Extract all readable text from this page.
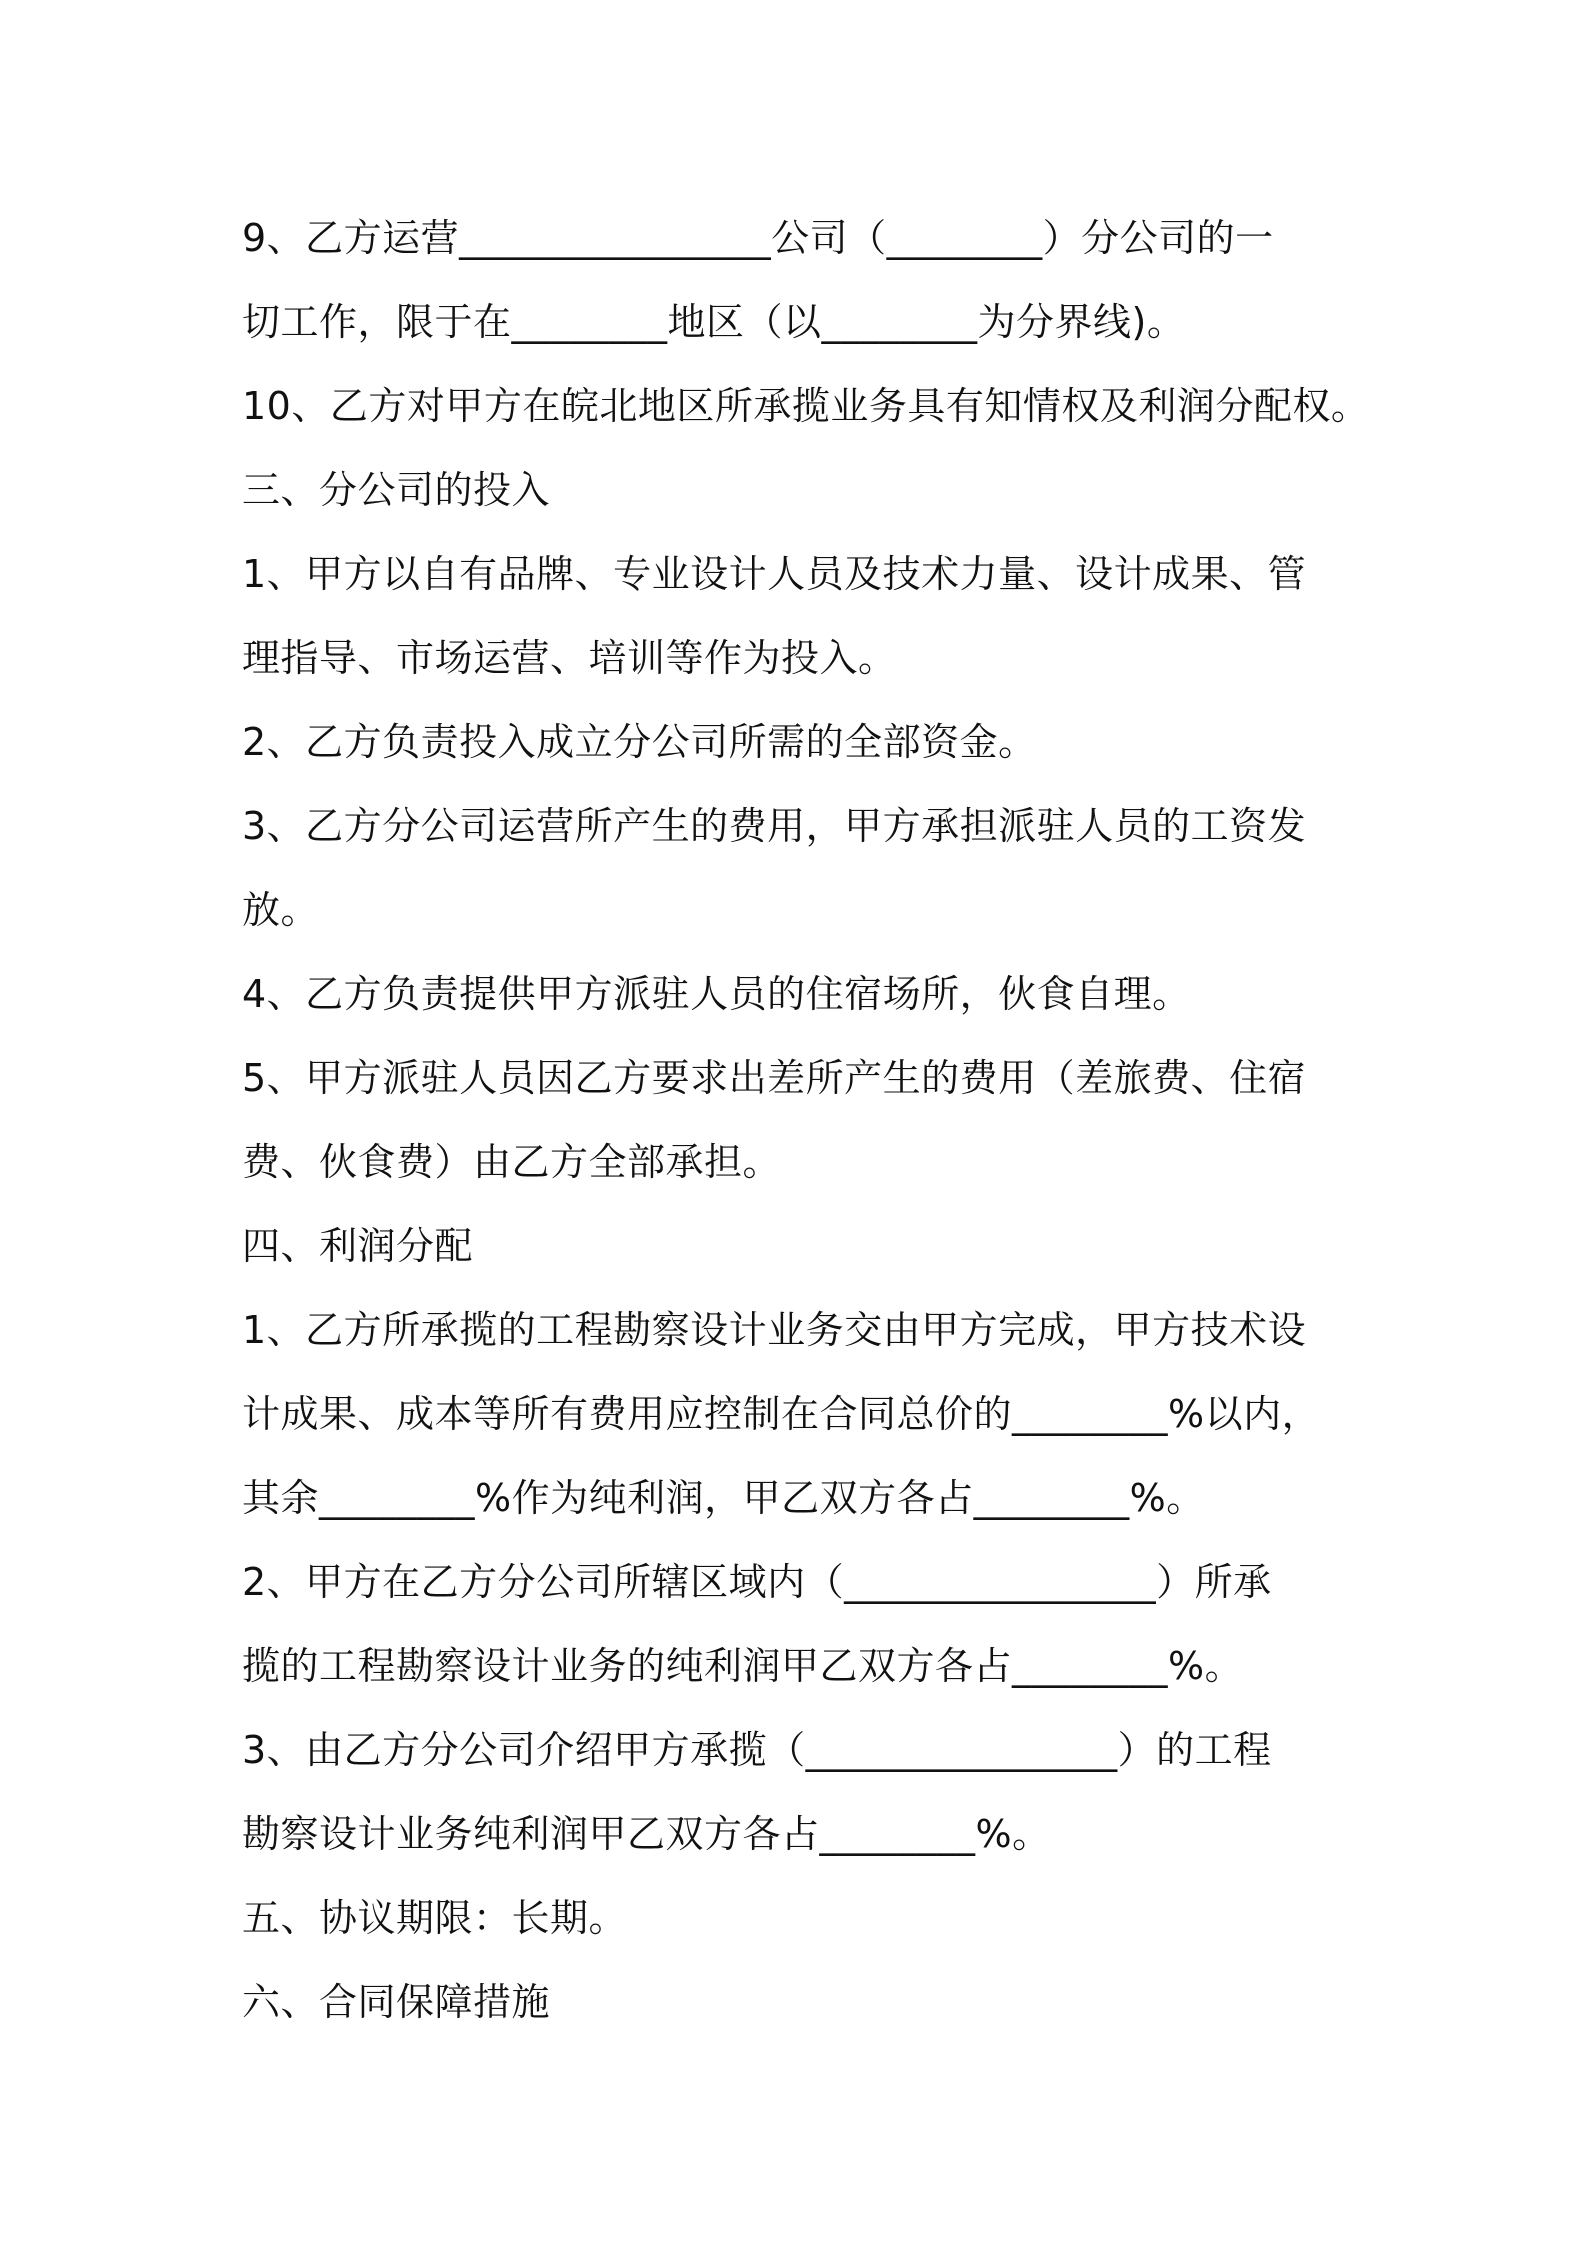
9、乙方运营________________公司（________）分公司的一
切工作，限于在________地区（以________为分界线)。
10、乙方对甲方在皖北地区所承揽业务具有知情权及利润分配权。
三、分公司的投入
1、甲方以自有品牌、专业设计人员及技术力量、设计成果、管
理指导、市场运营、培训等作为投入。
2、乙方负责投入成立分公司所需的全部资金。
3、乙方分公司运营所产生的费用，甲方承担派驻人员的工资发
放。
4、乙方负责提供甲方派驻人员的住宿场所，伙食自理。
5、甲方派驻人员因乙方要求出差所产生的费用（差旅费、住宿
费、伙食费）由乙方全部承担。
四、利润分配
1、乙方所承揽的工程勘察设计业务交由甲方完成，甲方技术设
计成果、成本等所有费用应控制在合同总价的________%以内，
其余________%作为纯利润，甲乙双方各占________%。
2、甲方在乙方分公司所辖区域内（________________）所承
揽的工程勘察设计业务的纯利润甲乙双方各占________%。
3、由乙方分公司介绍甲方承揽（________________）的工程
勘察设计业务纯利润甲乙双方各占________%。
五、协议期限：长期。
六、合同保障措施
